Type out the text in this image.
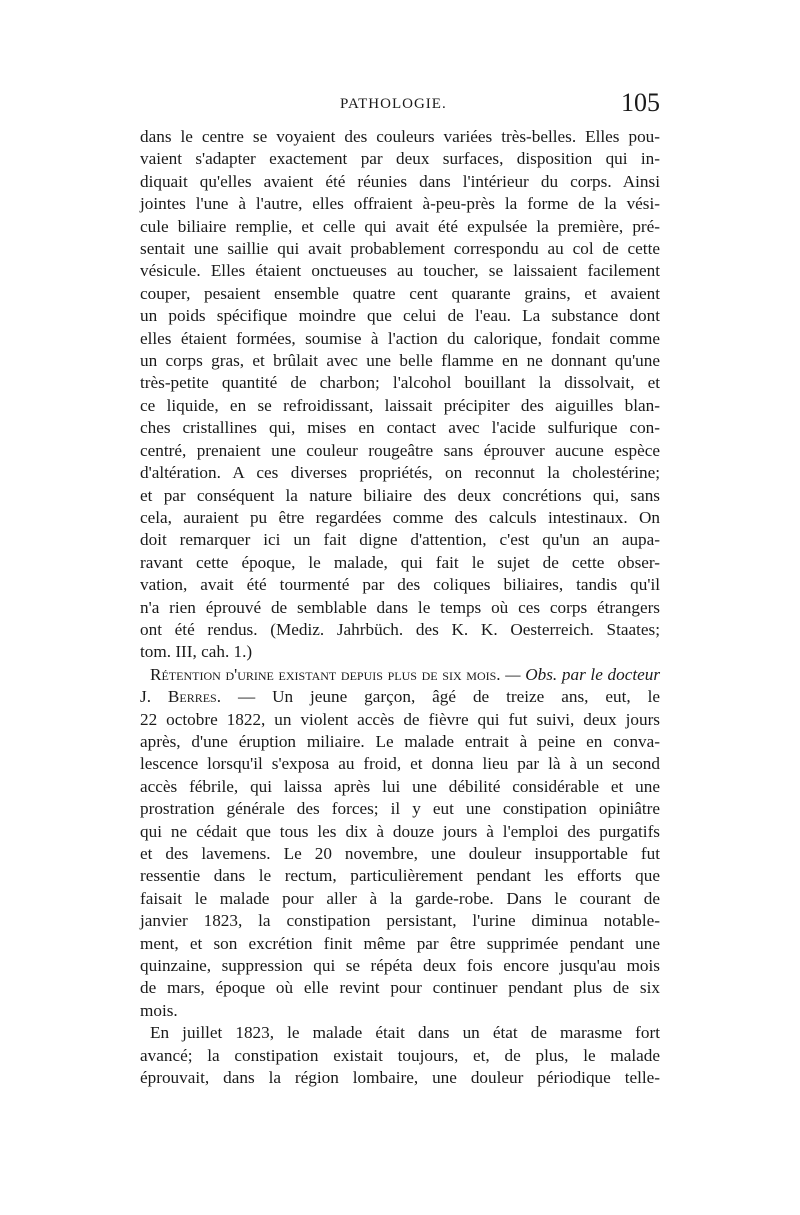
PATHOLOGIE.	105
dans le centre se voyaient des couleurs variées très-belles. Elles pou-
vaient s'adapter exactement par deux surfaces, disposition qui in-
diquait qu'elles avaient été réunies dans l'intérieur du corps. Ainsi
jointes l'une à l'autre, elles offraient à-peu-près la forme de la vési-
cule biliaire remplie, et celle qui avait été expulsée la première, pré-
sentait une saillie qui avait probablement correspondu au col de cette
vésicule. Elles étaient onctueuses au toucher, se laissaient facilement
couper, pesaient ensemble quatre cent quarante grains, et avaient
un poids spécifique moindre que celui de l'eau. La substance dont
elles étaient formées, soumise à l'action du calorique, fondait comme
un corps gras, et brûlait avec une belle flamme en ne donnant qu'une
très-petite quantité de charbon; l'alcohol bouillant la dissolvait, et
ce liquide, en se refroidissant, laissait précipiter des aiguilles blan-
ches cristallines qui, mises en contact avec l'acide sulfurique con-
centré, prenaient une couleur rougeâtre sans éprouver aucune espèce
d'altération. A ces diverses propriétés, on reconnut la cholestérine;
et par conséquent la nature biliaire des deux concrétions qui, sans
cela, auraient pu être regardées comme des calculs intestinaux. On
doit remarquer ici un fait digne d'attention, c'est qu'un an aupa-
ravant cette époque, le malade, qui fait le sujet de cette obser-
vation, avait été tourmenté par des coliques biliaires, tandis qu'il
n'a rien éprouvé de semblable dans le temps où ces corps étrangers
ont été rendus. (Mediz. Jahrbüch. des K. K. Oesterreich. Staates;
tom. III, cah. 1.)
Rétention d'urine existant depuis plus de six mois. — Obs. par le docteur
J. Berres. — Un jeune garçon, âgé de treize ans, eut, le
22 octobre 1822, un violent accès de fièvre qui fut suivi, deux jours
après, d'une éruption miliaire. Le malade entrait à peine en conva-
lescence lorsqu'il s'exposa au froid, et donna lieu par là à un second
accès fébrile, qui laissa après lui une débilité considérable et une
prostration générale des forces; il y eut une constipation opiniâtre
qui ne cédait que tous les dix à douze jours à l'emploi des purgatifs
et des lavemens. Le 20 novembre, une douleur insupportable fut
ressentie dans le rectum, particulièrement pendant les efforts que
faisait le malade pour aller à la garde-robe. Dans le courant de
janvier 1823, la constipation persistant, l'urine diminua notable-
ment, et son excrétion finit même par être supprimée pendant une
quinzaine, suppression qui se répéta deux fois encore jusqu'au mois
de mars, époque où elle revint pour continuer pendant plus de six
mois.
En juillet 1823, le malade était dans un état de marasme fort
avancé; la constipation existait toujours, et, de plus, le malade
éprouvait, dans la région lombaire, une douleur périodique telle-
